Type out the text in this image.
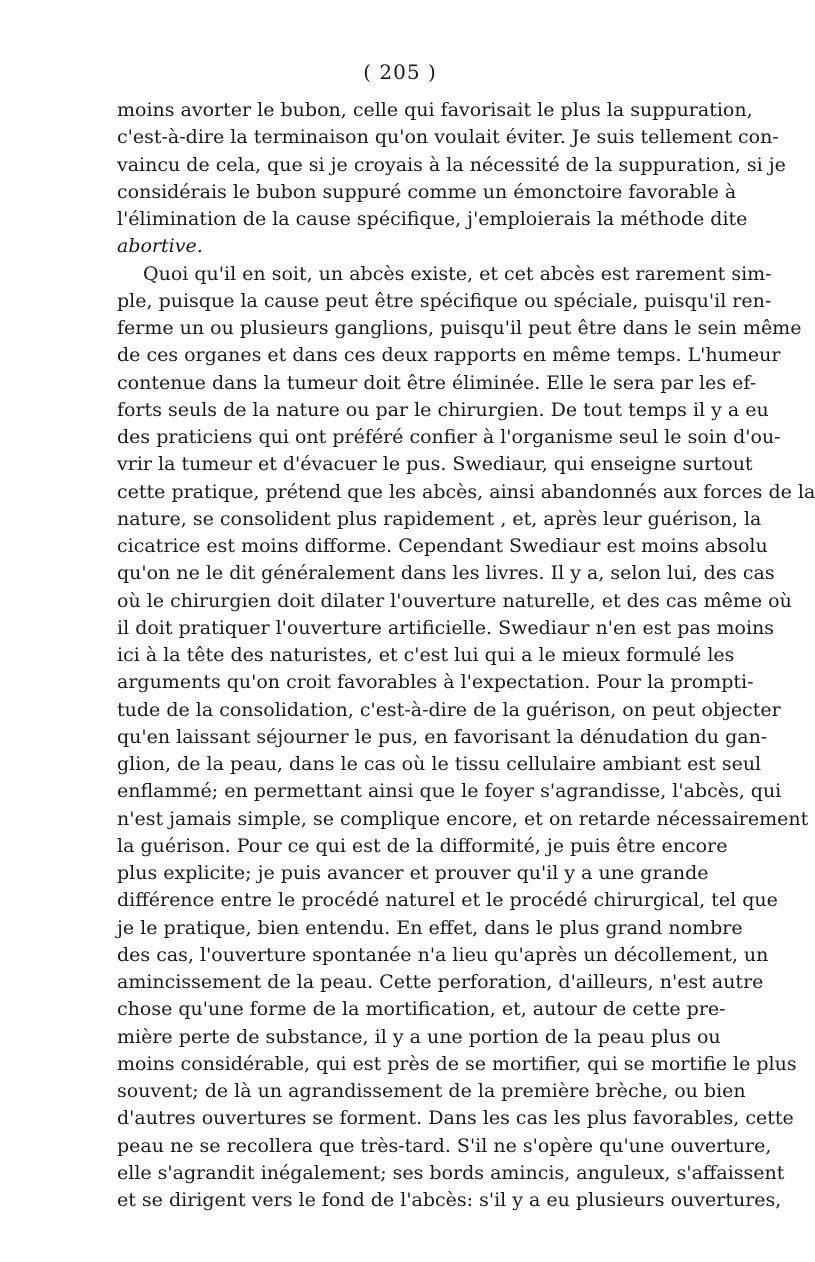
( 205 )
moins avorter le bubon, celle qui favorisait le plus la suppuration,
c'est-à-dire la terminaison qu'on voulait éviter. Je suis tellement con-
vaincu de cela, que si je croyais à la nécessité de la suppuration, si je
considérais le bubon suppuré comme un émonctoire favorable à
l'élimination de la cause spécifique, j'emploierais la méthode dite
abortive.
Quoi qu'il en soit, un abcès existe, et cet abcès est rarement sim-
ple, puisque la cause peut être spécifique ou spéciale, puisqu'il ren-
ferme un ou plusieurs ganglions, puisqu'il peut être dans le sein même
de ces organes et dans ces deux rapports en même temps. L'humeur
contenue dans la tumeur doit être éliminée. Elle le sera par les ef-
forts seuls de la nature ou par le chirurgien. De tout temps il y a eu
des praticiens qui ont préféré confier à l'organisme seul le soin d'ou-
vrir la tumeur et d'évacuer le pus. Swediaur, qui enseigne surtout
cette pratique, prétend que les abcès, ainsi abandonnés aux forces de la
nature, se consolident plus rapidement , et, après leur guérison, la
cicatrice est moins difforme. Cependant Swediaur est moins absolu
qu'on ne le dit généralement dans les livres. Il y a, selon lui, des cas
où le chirurgien doit dilater l'ouverture naturelle, et des cas même où
il doit pratiquer l'ouverture artificielle. Swediaur n'en est pas moins
ici à la tête des naturistes, et c'est lui qui a le mieux formulé les
arguments qu'on croit favorables à l'expectation. Pour la prompti-
tude de la consolidation, c'est-à-dire de la guérison, on peut objecter
qu'en laissant séjourner le pus, en favorisant la dénudation du gan-
glion, de la peau, dans le cas où le tissu cellulaire ambiant est seul
enflammé; en permettant ainsi que le foyer s'agrandisse, l'abcès, qui
n'est jamais simple, se complique encore, et on retarde nécessairement
la guérison. Pour ce qui est de la difformité, je puis être encore
plus explicite; je puis avancer et prouver qu'il y a une grande
différence entre le procédé naturel et le procédé chirurgical, tel que
je le pratique, bien entendu. En effet, dans le plus grand nombre
des cas, l'ouverture spontanée n'a lieu qu'après un décollement, un
amincissement de la peau. Cette perforation, d'ailleurs, n'est autre
chose qu'une forme de la mortification, et, autour de cette pre-
mière perte de substance, il y a une portion de la peau plus ou
moins considérable, qui est près de se mortifier, qui se mortifie le plus
souvent; de là un agrandissement de la première brèche, ou bien
d'autres ouvertures se forment. Dans les cas les plus favorables, cette
peau ne se recollera que très-tard. S'il ne s'opère qu'une ouverture,
elle s'agrandit inégalement; ses bords amincis, anguleux, s'affaissent
et se dirigent vers le fond de l'abcès: s'il y a eu plusieurs ouvertures,
